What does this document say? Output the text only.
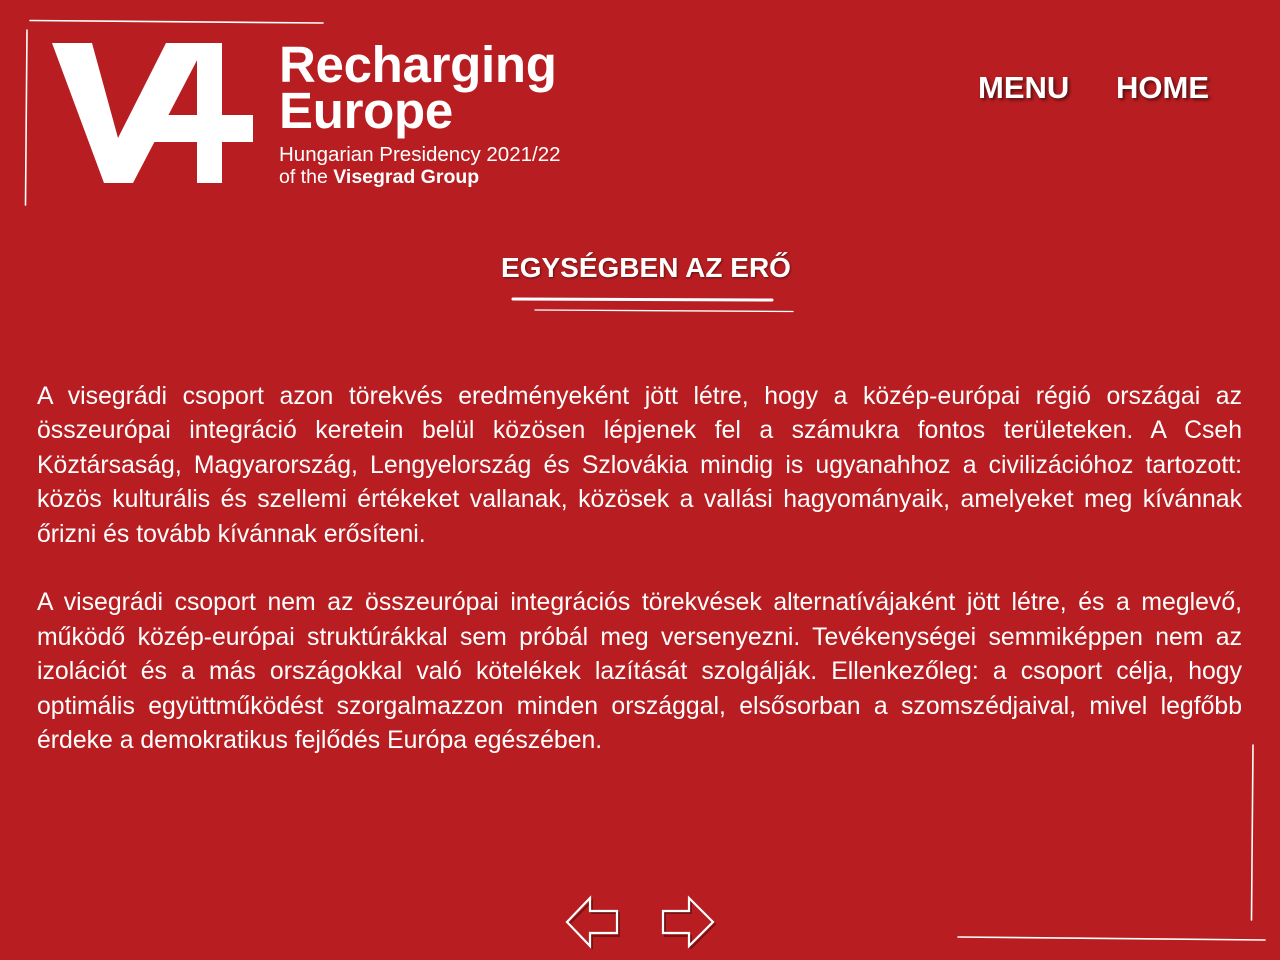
Recharging
Europe
Hungarian Presidency 2021/22
of the Visegrad Group
MENU HOME
EGYSÉGBEN AZ ERŐ
A visegrádi csoport azon törekvés eredményeként jött létre, hogy a közép-európai régió országai az
összeurópai integráció keretein belül közösen lépjenek fel a számukra fontos területeken. A Cseh
Köztársaság, Magyarország, Lengyelország és Szlovákia mindig is ugyanahhoz a civilizációhoz tartozott:
közös kulturális és szellemi értékeket vallanak, közösek a vallási hagyományaik, amelyeket meg kívánnak
őrizni és tovább kívánnak erősíteni.
A visegrádi csoport nem az összeurópai integrációs törekvések alternatívájaként jött létre, és a meglevő,
működő közép-európai struktúrákkal sem próbál meg versenyezni. Tevékenységei semmiképpen nem az
izolációt és a más országokkal való kötelékek lazítását szolgálják. Ellenkezőleg: a csoport célja, hogy
optimális együttműködést szorgalmazzon minden országgal, elsősorban a szomszédjaival, mivel legfőbb
érdeke a demokratikus fejlődés Európa egészében.
